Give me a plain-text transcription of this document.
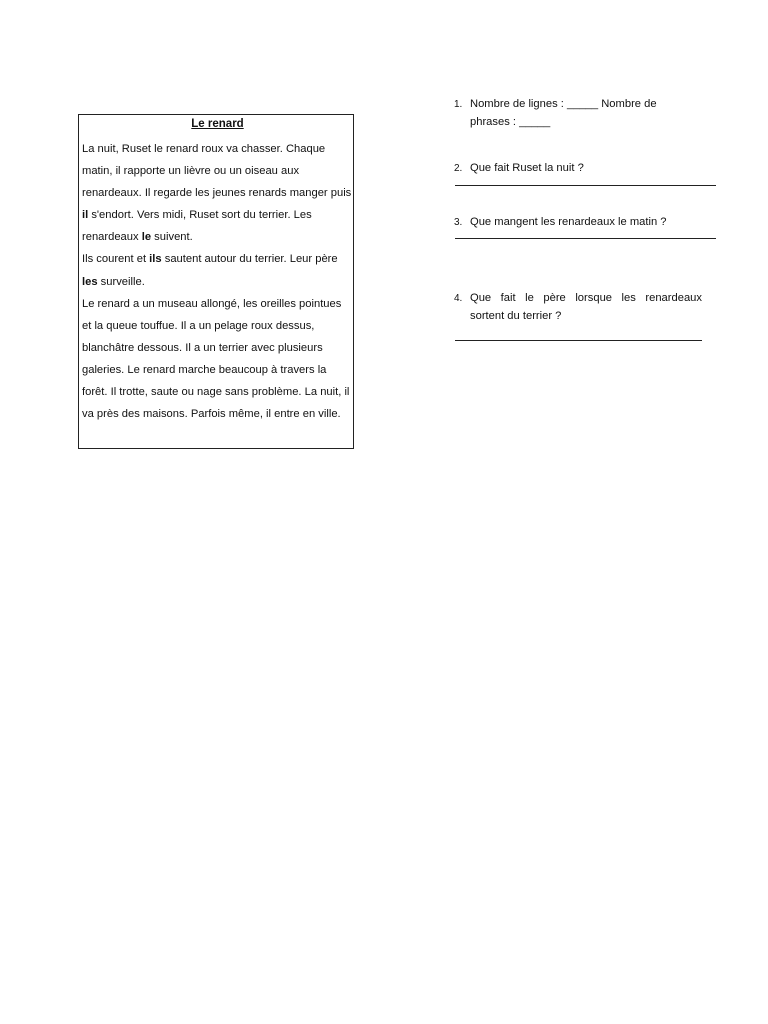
Le renard

La nuit, Ruset le renard roux va chasser. Chaque matin, il rapporte un lièvre ou un oiseau aux renardeaux. Il regarde les jeunes renards manger puis il s'endort. Vers midi, Ruset sort du terrier. Les renardeaux le suivent.

Ils courent et ils sautent autour du terrier. Leur père les surveille.

Le renard a un museau allongé, les oreilles pointues et la queue touffue. Il a un pelage roux dessus, blanchâtre dessous. Il a un terrier avec plusieurs galeries. Le renard marche beaucoup à travers la forêt. Il trotte, saute ou nage sans problème. La nuit, il va près des maisons. Parfois même, il entre en ville.

1. Nombre de lignes : _____ Nombre de
phrases : _____
2. Que fait Ruset la nuit ?
3. Que mangent les renardeaux le matin ?
4. Que fait le père lorsque les renardeaux
sortent du terrier ?
